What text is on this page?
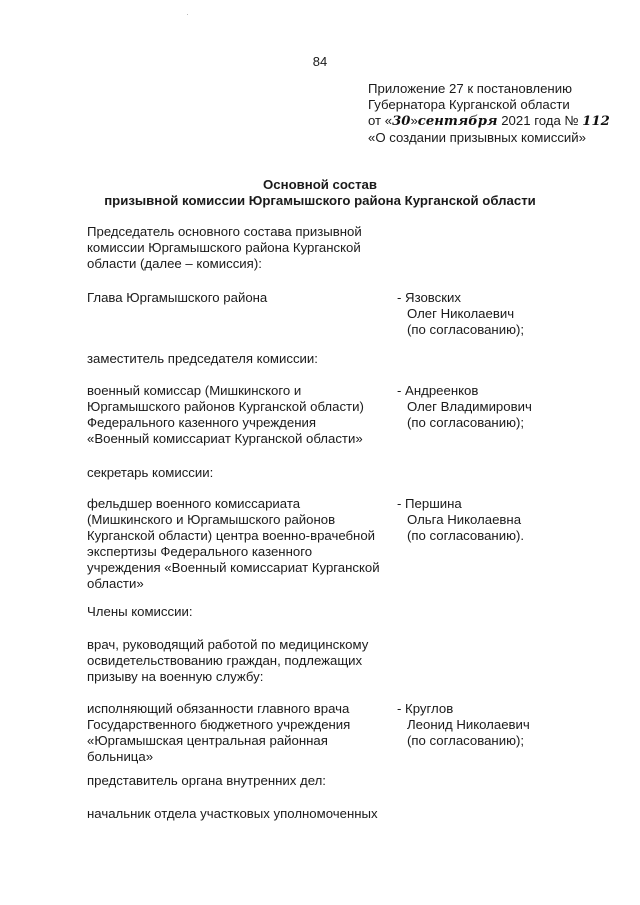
84
Приложение 27 к постановлению
Губернатора Курганской области
от «30»сентября 2021 года № 112
«О создании призывных комиссий»
Основной состав
призывной комиссии Юргамышского района Курганской области
Председатель основного состава призывной
комиссии Юргамышского района Курганской
области (далее – комиссия):
Глава Юргамышского района	- Язовских
Олег Николаевич
(по согласованию);
заместитель председателя комиссии:
военный комиссар (Мишкинского и
Юргамышского районов Курганской области)
Федерального казенного учреждения
«Военный комиссариат Курганской области»
- Андреенков
Олег Владимирович
(по согласованию);
секретарь комиссии:
фельдшер военного комиссариата
(Мишкинского и Юргамышского районов
Курганской области) центра военно-врачебной
экспертизы Федерального казенного
учреждения «Военный комиссариат Курганской
области»
- Першина
Ольга Николаевна
(по согласованию).
Члены комиссии:
врач, руководящий работой по медицинскому
освидетельствованию граждан, подлежащих
призыву на военную службу:
исполняющий обязанности главного врача
Государственного бюджетного учреждения
«Юргамышская центральная районная
больница»
- Круглов
Леонид Николаевич
(по согласованию);
представитель органа внутренних дел:
начальник отдела участковых уполномоченных
